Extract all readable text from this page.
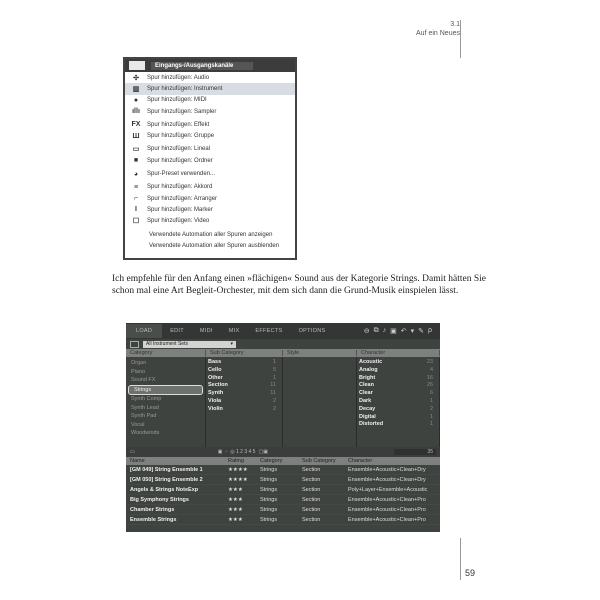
3.1
Auf ein Neues
Eingangs-/Ausgangskanäle
✣	Spur hinzufügen: Audio
▥ Spur hinzufügen: Instrument
●	Spur hinzufügen: MIDI
ıllı Spur hinzufügen: Sampler
FX Spur hinzufügen: Effekt
Ш Spur hinzufügen: Gruppe
▭ Spur hinzufügen: Lineal
■	Spur hinzufügen: Ordner
◕	Spur-Preset verwenden...
≡	Spur hinzufügen: Akkord
⌐	Spur hinzufügen: Arranger
I	Spur hinzufügen: Marker
☐	Spur hinzufügen: Video
Verwendete Automation aller Spuren anzeigen
Verwendete Automation aller Spuren ausblenden
Ich empfehle für den Anfang einen »flächigen« Sound aus der Kategorie Strings. Damit hätten Sie schon mal eine Art Begleit-Orchester, mit dem sich dann die Grund-Musik einspielen lässt.
LOAD	EDIT	MIDI	MIX	EFFECTS	OPTIONS	⊖ ⧉ ♪ ▣ ↶ ▾ ✎ ρ
All Instrument Sets	▾
Category	Sub Category	Style	Character
Organ
Piano
Sound FX
Strings
Synth Comp
Synth Lead
Synth Pad
Vocal
Woodwinds
Bass	1
Cello	5
Other	1
Section	11
Synth	11
Viola	2
Violin	2
Acoustic	23
Analog	4
Bright	16
Clean	26
Clear	6
Dark	1
Decay	2
Digital	1
Distorted	1
▭	▣ ▫ ◎ 1 2 3 4 5 ▢▣	35
Name	Rating	Category	Sub Category	Character
[GM 049] String Ensemble 1	★★★★	Strings	Section	Ensemble+Acoustic+Clean+Dry
[GM 050] String Ensemble 2	★★★★	Strings	Section	Ensemble+Acoustic+Clean+Dry
Angels & Strings NoteExp	★★★	Strings	Section	Poly+Layer+Ensemble+Acoustic
Big Symphony Strings	★★★	Strings	Section	Ensemble+Acoustic+Clean+Pro
Chamber Strings	★★★	Strings	Section	Ensemble+Acoustic+Clean+Pro
Ensemble Strings	★★★	Strings	Section	Ensemble+Acoustic+Clean+Pro
59
